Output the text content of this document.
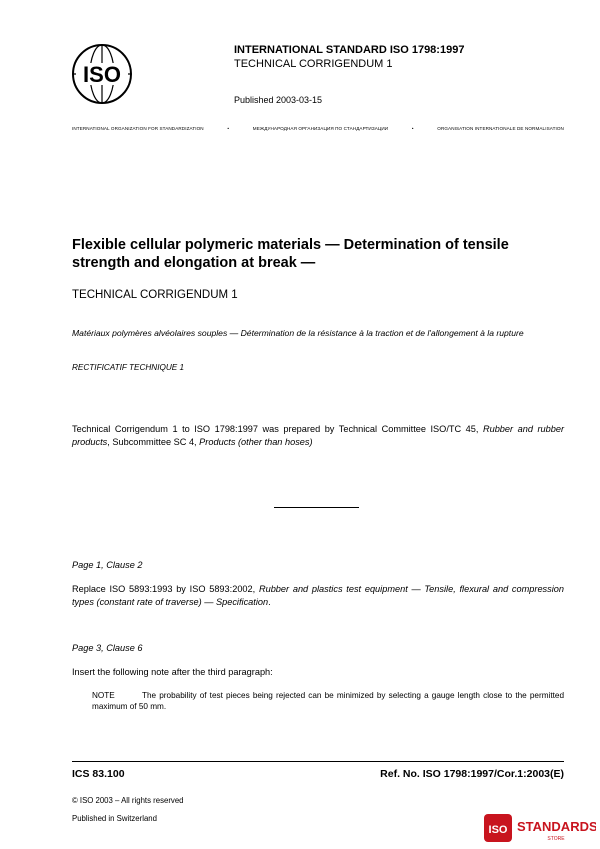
ISO
INTERNATIONAL STANDARD ISO 1798:1997
TECHNICAL CORRIGENDUM 1
Published 2003-03-15
INTERNATIONAL ORGANIZATION FOR STANDARDIZATION	•	МЕЖДУНАРОДНАЯ ОРГАНИЗАЦИЯ ПО СТАНДАРТИЗАЦИИ	•	ORGANISATION INTERNATIONALE DE NORMALISATION
Flexible cellular polymeric materials — Determination of tensile strength and elongation at break —
TECHNICAL CORRIGENDUM 1
Matériaux polymères alvéolaires souples — Détermination de la résistance à la traction et de l'allongement à la rupture
RECTIFICATIF TECHNIQUE 1
Technical Corrigendum 1 to ISO 1798:1997 was prepared by Technical Committee ISO/TC 45, Rubber and rubber products, Subcommittee SC 4, Products (other than hoses)
Page 1, Clause 2
Replace ISO 5893:1993 by ISO 5893:2002, Rubber and plastics test equipment — Tensile, flexural and compression types (constant rate of traverse) — Specification.
Page 3, Clause 6
Insert the following note after the third paragraph:
NOTE	The probability of test pieces being rejected can be minimized by selecting a gauge length close to the permitted maximum of 50 mm.
ICS 83.100	Ref. No. ISO 1798:1997/Cor.1:2003(E)
© ISO 2003 – All rights reserved
Published in Switzerland
ISO STANDARDS
STORE
